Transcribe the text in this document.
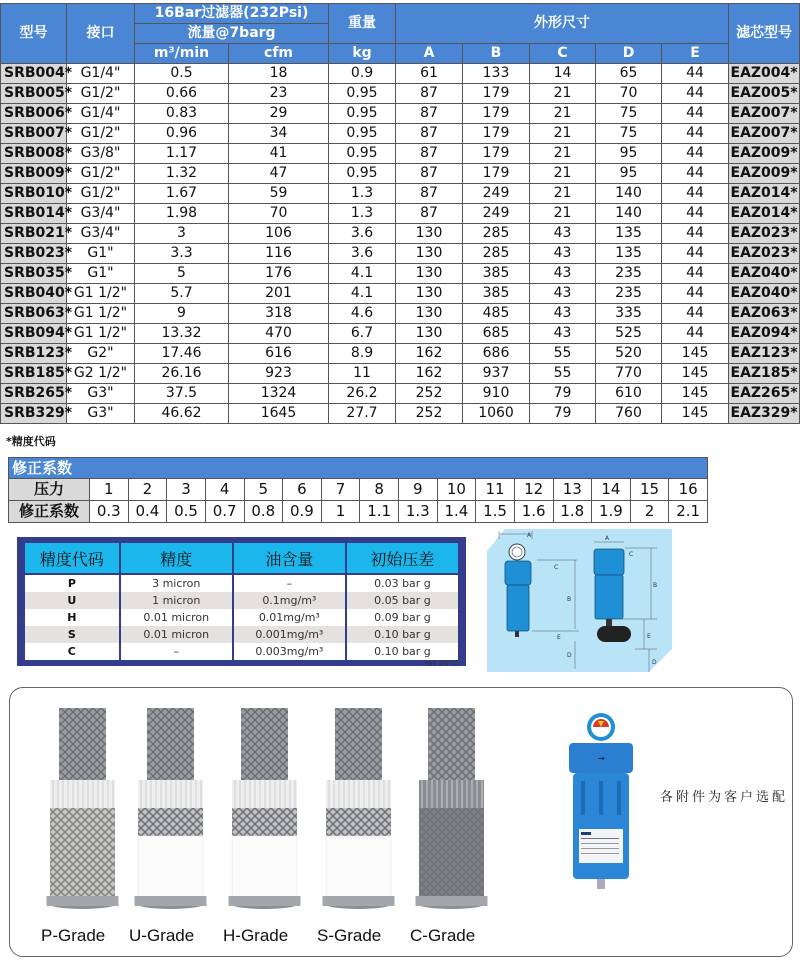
型号	接口	16Bar过滤器(232Psi)		重量	外形尺寸					滤芯型号
		流量@7barg								
		m³/min	cfm	kg	A	B	C	D	E	
SRB004*	G1/4"	0.5	18	0.9	61	133	14	65	44	EAZ004*
SRB005*	G1/2"	0.66	23	0.95	87	179	21	70	44	EAZ005*
SRB006*	G1/4"	0.83	29	0.95	87	179	21	75	44	EAZ007*
SRB007*	G1/2"	0.96	34	0.95	87	179	21	75	44	EAZ007*
SRB008*	G3/8"	1.17	41	0.95	87	179	21	95	44	EAZ009*
SRB009*	G1/2"	1.32	47	0.95	87	179	21	95	44	EAZ009*
SRB010*	G1/2"	1.67	59	1.3	87	249	21	140	44	EAZ014*
SRB014*	G3/4"	1.98	70	1.3	87	249	21	140	44	EAZ014*
SRB021*	G3/4"	3	106	3.6	130	285	43	135	44	EAZ023*
SRB023*	G1"	3.3	116	3.6	130	285	43	135	44	EAZ023*
SRB035*	G1"	5	176	4.1	130	385	43	235	44	EAZ040*
SRB040*	G1 1/2"	5.7	201	4.1	130	385	43	235	44	EAZ040*
SRB063*	G1 1/2"	9	318	4.6	130	485	43	335	44	EAZ063*
SRB094*	G1 1/2"	13.32	470	6.7	130	685	43	525	44	EAZ094*
SRB123*	G2"	17.46	616	8.9	162	686	55	520	145	EAZ123*
SRB185*	G2 1/2"	26.16	923	11	162	937	55	770	145	EAZ185*
SRB265*	G3"	37.5	1324	26.2	252	910	79	610	145	EAZ265*
SRB329*	G3"	46.62	1645	27.7	252	1060	79	760	145	EAZ329*
*精度代码
修正系数
压力	1	2	3	4	5	6	7	8	9	10	11	12	13	14	15	16
修正系数	0.3	0.4	0.5	0.7	0.8	0.9	1	1.1	1.3	1.4	1.5	1.6	1.8	1.9	2	2.1
精度代码	精度	油含量	初始压差
P	3 micron	–	0.03 bar g
U	1 micron	0.1mg/m³	0.05 bar g
H	0.01 micron	0.01mg/m³	0.09 bar g
S	0.01 micron	0.001mg/m³	0.10 bar g
C	–	0.003mg/m³	0.10 bar g
*at 20°C
A
C
B
E
D
A
C
B
E
D
P-Grade U-Grade H-Grade S-Grade C-Grade
→
各附件为客户选配
